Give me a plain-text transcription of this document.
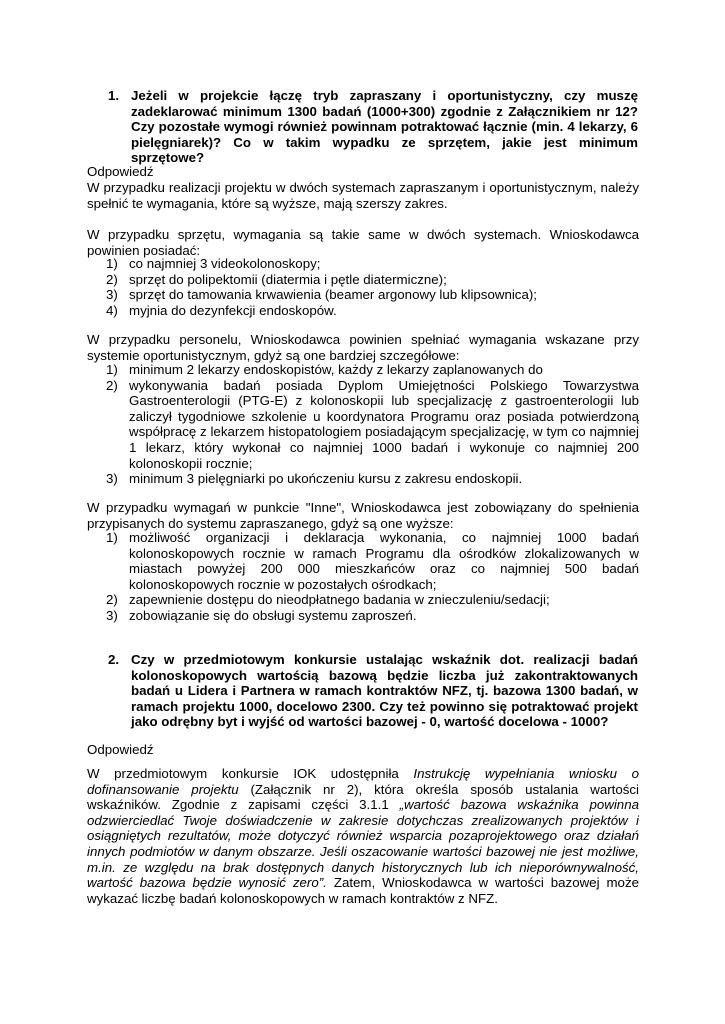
1. Jeżeli w projekcie łączę tryb zapraszany i oportunistyczny, czy muszę zadeklarować minimum 1300 badań (1000+300) zgodnie z Załącznikiem nr 12? Czy pozostałe wymogi również powinnam potraktować łącznie (min. 4 lekarzy, 6 pielęgniarek)? Co w takim wypadku ze sprzętem, jakie jest minimum sprzętowe?
Odpowiedź
W przypadku realizacji projektu w dwóch systemach zapraszanym i oportunistycznym, należy spełnić te wymagania, które są wyższe, mają szerszy zakres.
W przypadku sprzętu, wymagania są takie same w dwóch systemach. Wnioskodawca powinien posiadać:
1) co najmniej 3 videokolonoskopy;
2) sprzęt do polipektomii (diatermia i pętle diatermiczne);
3) sprzęt do tamowania krwawienia (beamer argonowy lub klipsownica);
4) myjnia do dezynfekcji endoskopów.
W przypadku personelu, Wnioskodawca powinien spełniać wymagania wskazane przy systemie oportunistycznym, gdyż są one bardziej szczegółowe:
1) minimum 2 lekarzy endoskopistów, każdy z lekarzy zaplanowanych do
2) wykonywania badań posiada Dyplom Umiejętności Polskiego Towarzystwa Gastroenterologii (PTG-E) z kolonoskopii lub specjalizację z gastroenterologii lub zaliczył tygodniowe szkolenie u koordynatora Programu oraz posiada potwierdzoną współpracę z lekarzem histopatologiem posiadającym specjalizację, w tym co najmniej 1 lekarz, który wykonał co najmniej 1000 badań i wykonuje co najmniej 200 kolonoskopii rocznie;
3) minimum 3 pielęgniarki po ukończeniu kursu z zakresu endoskopii.
W przypadku wymagań w punkcie "Inne", Wnioskodawca jest zobowiązany do spełnienia przypisanych do systemu zapraszanego, gdyż są one wyższe:
1) możliwość organizacji i deklaracja wykonania, co najmniej 1000 badań kolonoskopowych rocznie w ramach Programu dla ośrodków zlokalizowanych w miastach powyżej 200 000 mieszkańców oraz co najmniej 500 badań kolonoskopowych rocznie w pozostałych ośrodkach;
2) zapewnienie dostępu do nieodpłatnego badania w znieczuleniu/sedacji;
3) zobowiązanie się do obsługi systemu zaproszeń.
2. Czy w przedmiotowym konkursie ustalając wskaźnik dot. realizacji badań kolonoskopowych wartością bazową będzie liczba już zakontraktowanych badań u Lidera i Partnera w ramach kontraktów NFZ, tj. bazowa 1300 badań, w ramach projektu 1000, docelowo 2300. Czy też powinno się potraktować projekt jako odrębny byt i wyjść od wartości bazowej - 0, wartość docelowa - 1000?
Odpowiedź
W przedmiotowym konkursie IOK udostępniła Instrukcję wypełniania wniosku o dofinansowanie projektu (Załącznik nr 2), która określa sposób ustalania wartości wskaźników. Zgodnie z zapisami części 3.1.1 „wartość bazowa wskaźnika powinna odzwierciedlać Twoje doświadczenie w zakresie dotychczas zrealizowanych projektów i osiągniętych rezultatów, może dotyczyć również wsparcia pozaprojektowego oraz działań innych podmiotów w danym obszarze. Jeśli oszacowanie wartości bazowej nie jest możliwe, m.in. ze względu na brak dostępnych danych historycznych lub ich nieporównywalność, wartość bazowa będzie wynosić zero”. Zatem, Wnioskodawca w wartości bazowej może wykazać liczbę badań kolonoskopowych w ramach kontraktów z NFZ.
